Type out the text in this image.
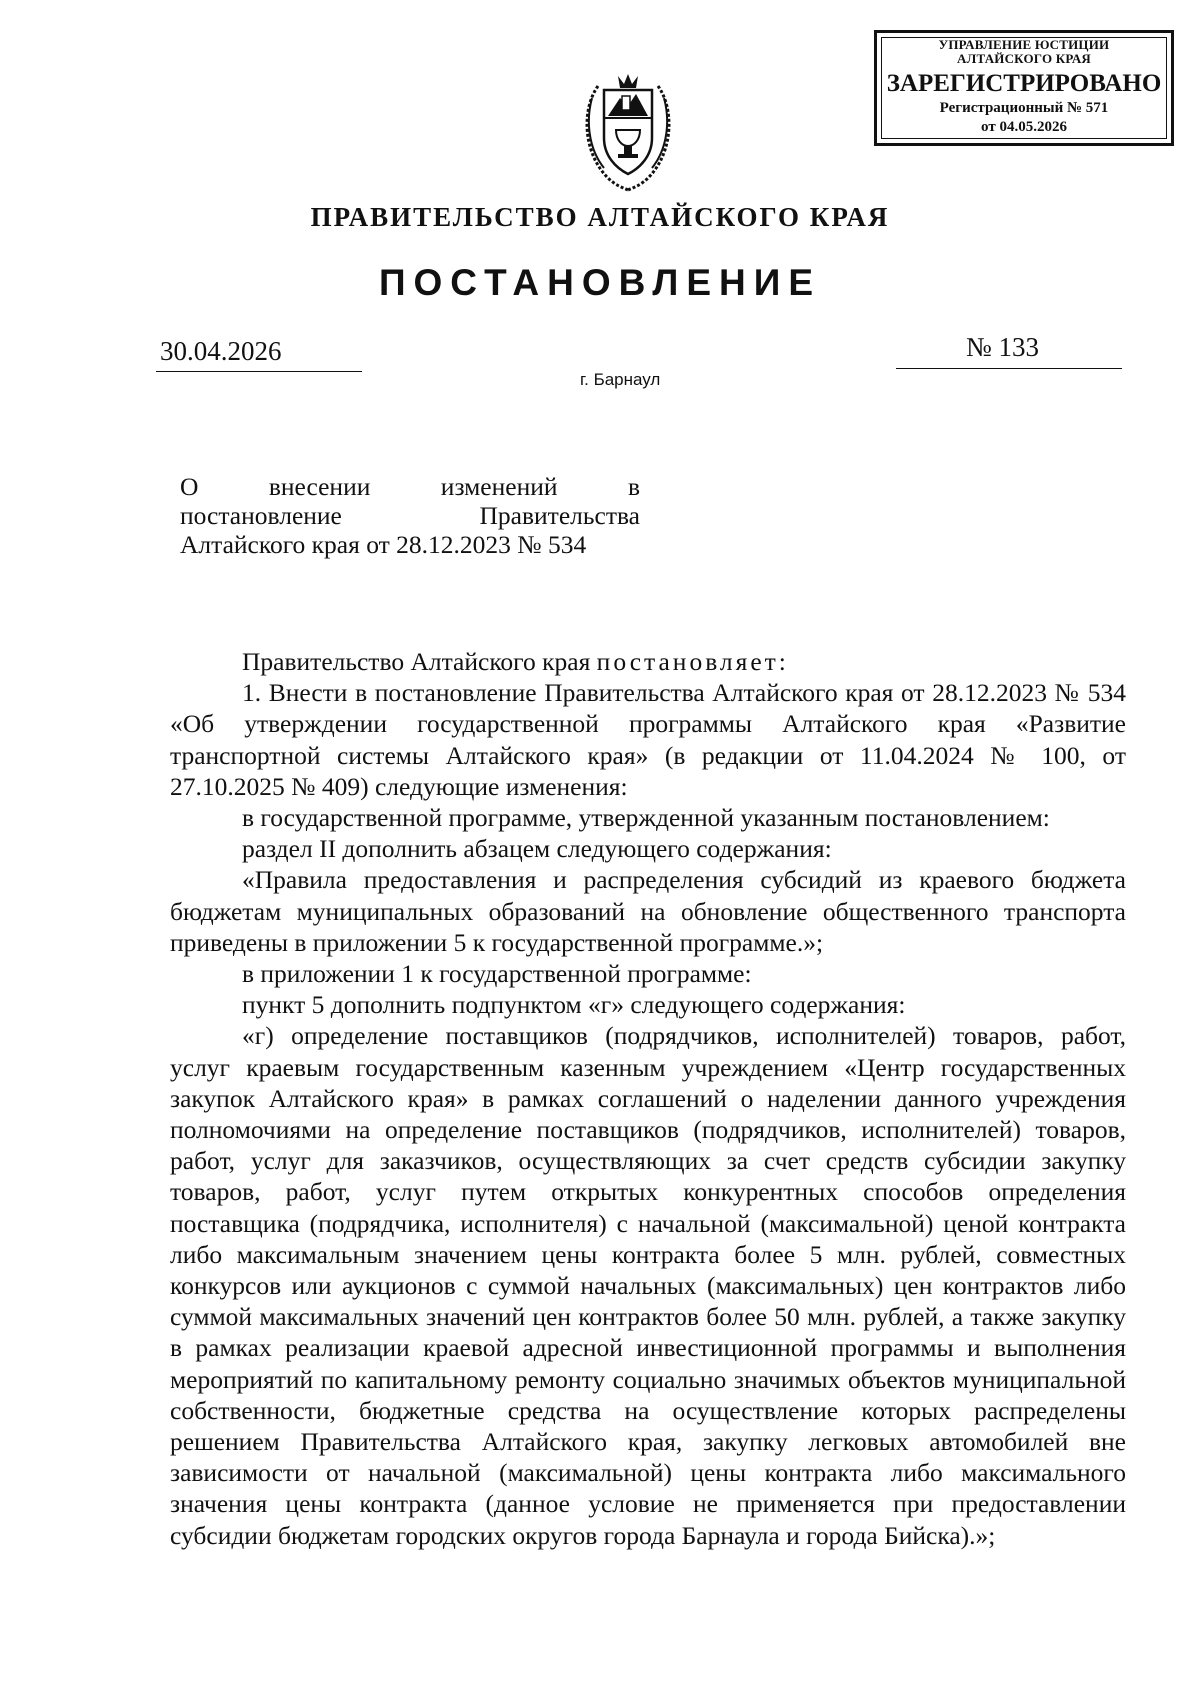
УПРАВЛЕНИЕ ЮСТИЦИИ
АЛТАЙСКОГО КРАЯ
ЗАРЕГИСТРИРОВАНО
Регистрационный № 571
от 04.05.2026
ПРАВИТЕЛЬСТВО АЛТАЙСКОГО КРАЯ
ПОСТАНОВЛЕНИЕ
30.04.2026	№ 133
г. Барнаул
О	внесении	изменений	в
постановление	Правительства
Алтайского края от 28.12.2023 № 534

Правительство Алтайского края постановляет:

1. Внести в постановление Правительства Алтайского края от 28.12.2023 № 534 «Об утверждении государственной программы Алтайского края «Развитие транспортной системы Алтайского края» (в редакции от 11.04.2024 № 100, от 27.10.2025 № 409) следующие изменения:

в государственной программе, утвержденной указанным постановлением:

раздел II дополнить абзацем следующего содержания:

«Правила предоставления и распределения субсидий из краевого бюджета бюджетам муниципальных образований на обновление общественного транспорта приведены в приложении 5 к государственной программе.»;

в приложении 1 к государственной программе:

пункт 5 дополнить подпунктом «г» следующего содержания:

«г) определение поставщиков (подрядчиков, исполнителей) товаров, работ, услуг краевым государственным казенным учреждением «Центр государственных закупок Алтайского края» в рамках соглашений о наделении данного учреждения полномочиями на определение поставщиков (подрядчиков, исполнителей) товаров, работ, услуг для заказчиков, осуществляющих за счет средств субсидии закупку товаров, работ, услуг путем открытых конкурентных способов определения поставщика (подрядчика, исполнителя) с начальной (максимальной) ценой контракта либо максимальным значением цены контракта более 5 млн. рублей, совместных конкурсов или аукционов с суммой начальных (максимальных) цен контрактов либо суммой максимальных значений цен контрактов более 50 млн. рублей, а также закупку в рамках реализации краевой адресной инвестиционной программы и выполнения мероприятий по капитальному ремонту социально значимых объектов муниципальной собственности, бюджетные средства на осуществление которых распределены решением Правительства Алтайского края, закупку легковых автомобилей вне зависимости от начальной (максимальной) цены контракта либо максимального значения цены контракта (данное условие не применяется при предоставлении субсидии бюджетам городских округов города Барнаула и города Бийска).»;
